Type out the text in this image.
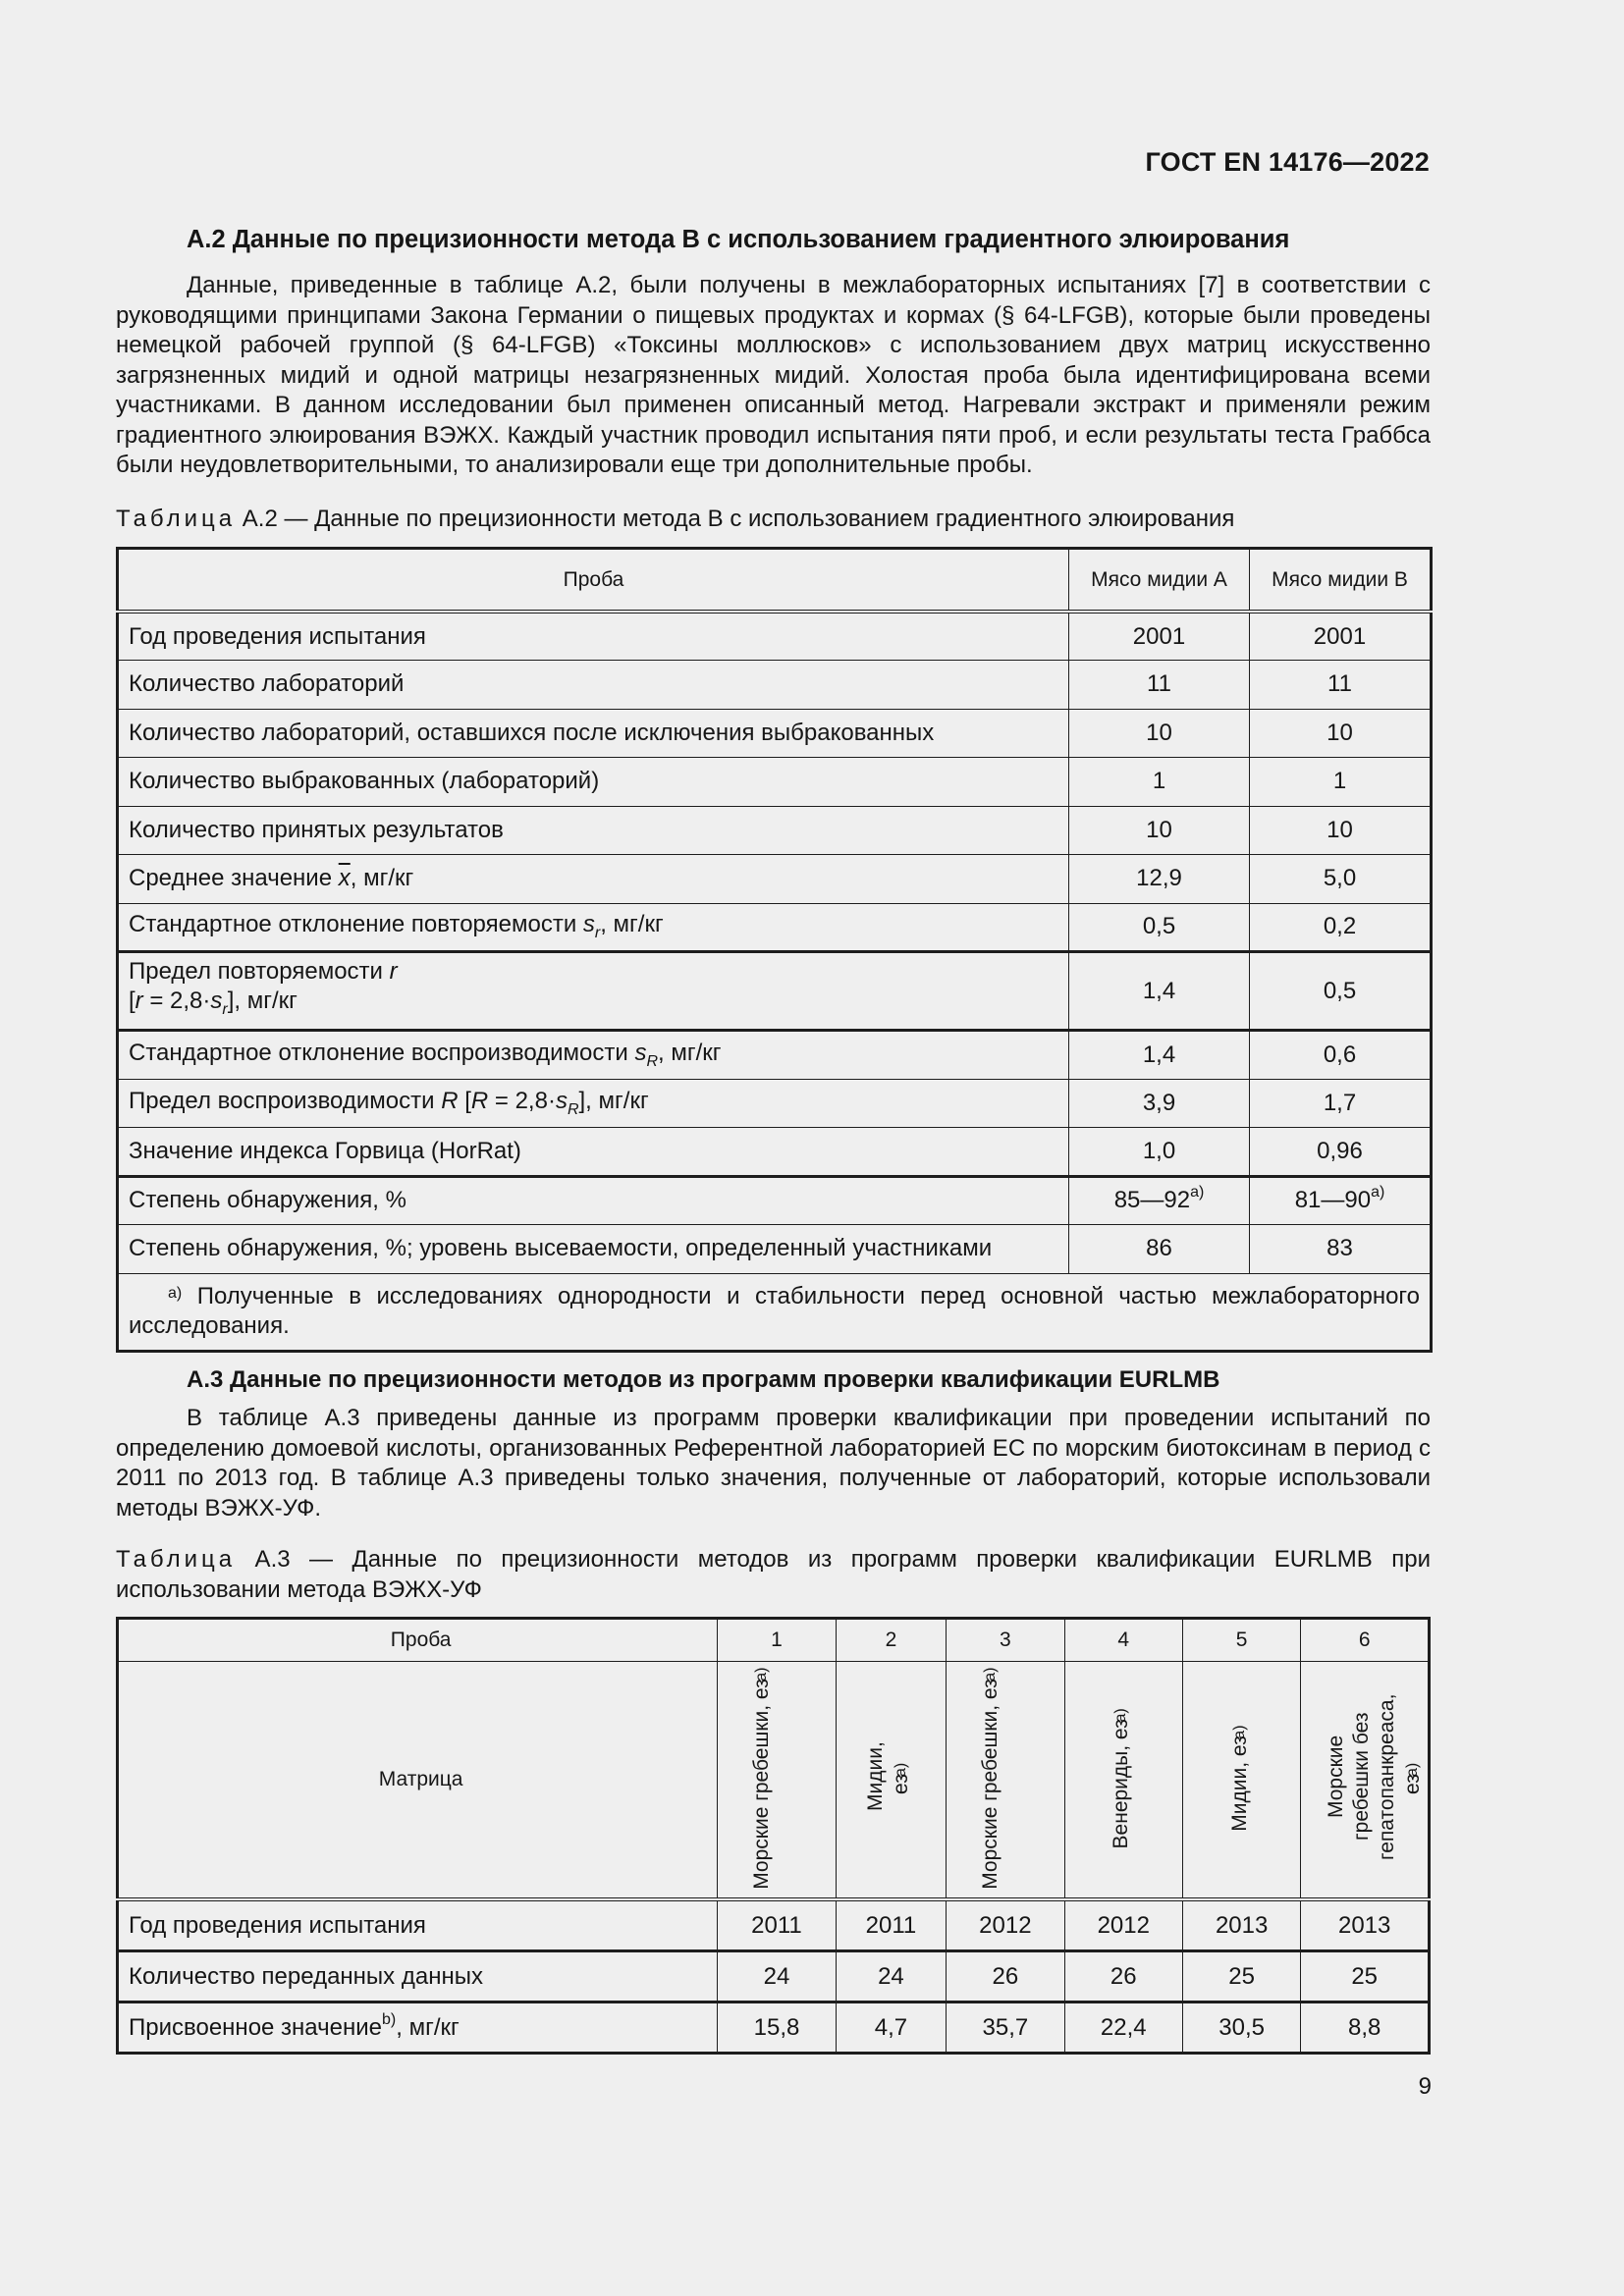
ГОСТ EN 14176—2022
А.2 Данные по прецизионности метода В с использованием градиентного элюирования

Данные, приведенные в таблице А.2, были получены в межлабораторных испытаниях [7] в соответствии с руководящими принципами Закона Германии о пищевых продуктах и кормах (§ 64-LFGB), которые были проведены немецкой рабочей группой (§ 64-LFGB) «Токсины моллюсков» с использованием двух матриц искусственно загрязненных мидий и одной матрицы незагрязненных мидий. Холостая проба была идентифицирована всеми участниками. В данном исследовании был применен описанный метод. Нагревали экстракт и применяли режим градиентного элюирования ВЭЖХ. Каждый участник проводил испытания пяти проб, и если результаты теста Граббса были неудовлетворительными, то анализировали еще три дополнительные пробы.

Таблица А.2 — Данные по прецизионности метода В с использованием градиентного элюирования

Проба	Мясо мидии А	Мясо мидии В
Год проведения испытания	2001	2001
Количество лабораторий	11	11
Количество лабораторий, оставшихся после исключения выбракованных	10	10
Количество выбракованных (лабораторий)	1	1
Количество принятых результатов	10	10
Среднее значение $\overline{x}$, мг/кг	12,9	5,0
Стандартное отклонение повторяемости $s_r$, мг/кг	0,5	0,2
Предел повторяемости r
$[r = 2,8\cdot s_r]$, мг/кг	1,4	0,5
Стандартное отклонение воспроизводимости $s_R$, мг/кг	1,4	0,6
Предел воспроизводимости R $[R = 2,8\cdot s_R]$, мг/кг	3,9	1,7
Значение индекса Горвица (HorRat)	1,0	0,96
Степень обнаружения, %	85—92$^{a)}$	81—90$^{a)}$
Степень обнаружения, %; уровень высеваемости, определенный участниками	86	83
$^{a)}$ Полученные в исследованиях однородности и стабильности перед основной частью межлабораторного исследования.		
А.3 Данные по прецизионности методов из программ проверки квалификации EURLMB

В таблице А.3 приведены данные из программ проверки квалификации при проведении испытаний по определению домоевой кислоты, организованных Референтной лабораторией ЕС по морским биотоксинам в период с 2011 по 2013 год. В таблице А.3 приведены только значения, полученные от лабораторий, которые использовали методы ВЭЖХ-УФ.

Таблица А.3 — Данные по прецизионности методов из программ проверки квалификации EURLMB при использовании метода ВЭЖХ-УФ

Проба	1	2	3	4	5	6
Матрица	Морские гребешки, $ез^{а)}$	Мидии, $ез^{а)}$	Морские гребешки, $ез^{а)}$	Венериды, $ез^{а)}$	Мидии, $ез^{а)}$	Морские гребешки без гепатопанкреаса, $ез^{а)}$
Год проведения испытания	2011	2011	2012	2012	2013	2013
Количество переданных данных	24	24	26	26	25	25
Присвоенное значение$^{b)}$, мг/кг	15,8	4,7	35,7	22,4	30,5	8,8
9
